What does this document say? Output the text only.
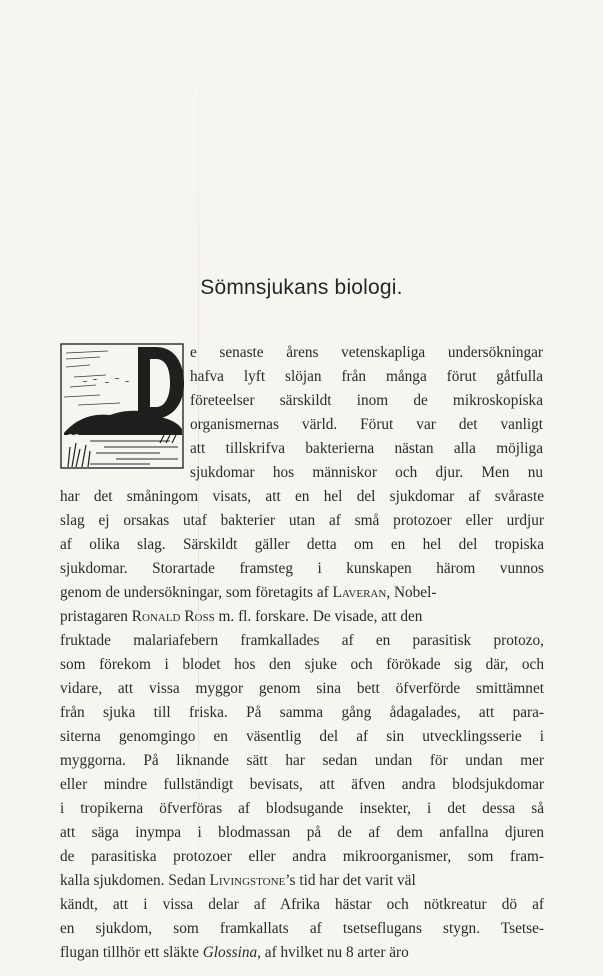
Sömnsjukans biologi.
BG
e senaste årens vetenskapliga undersökningar
hafva lyft slöjan från många förut gåtfulla
företeelser särskildt inom de mikroskopiska
organismernas värld. Förut var det vanligt
att tillskrifva bakterierna nästan alla möjliga
sjukdomar hos människor och djur. Men nu
har det småningom visats, att en hel del sjukdomar af svåraste
slag ej orsakas utaf bakterier utan af små protozoer eller urdjur
af olika slag. Särskildt gäller detta om en hel del tropiska
sjukdomar. Storartade framsteg i kunskapen härom vunnos
genom de undersökningar, som företagits af Laveran, Nobel-
pristagaren Ronald Ross m. fl. forskare. De visade, att den
fruktade malariafebern framkallades af en parasitisk protozo,
som förekom i blodet hos den sjuke och förökade sig där, och
vidare, att vissa myggor genom sina bett öfverförde smittämnet
från sjuka till friska. På samma gång ådagalades, att para-
siterna genomgingo en väsentlig del af sin utvecklingsserie i
myggorna. På liknande sätt har sedan undan för undan mer
eller mindre fullständigt bevisats, att äfven andra blodsjukdomar
i tropikerna öfverföras af blodsugande insekter, i det dessa så
att säga inympa i blodmassan på de af dem anfallna djuren
de parasitiska protozoer eller andra mikroorganismer, som fram-
kalla sjukdomen. Sedan Livingstone’s tid har det varit väl
kändt, att i vissa delar af Afrika hästar och nötkreatur dö af
en sjukdom, som framkallats af tsetseflugans stygn. Tsetse-
flugan tillhör ett släkte Glossina, af hvilket nu 8 arter äro
